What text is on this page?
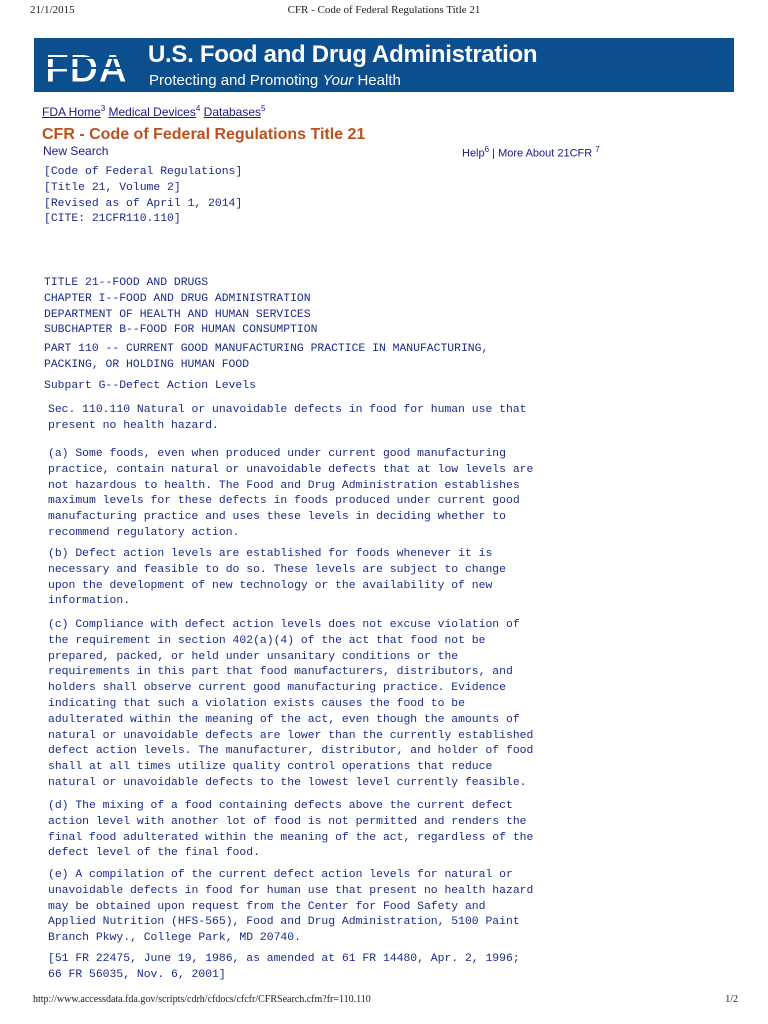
21/1/2015	CFR - Code of Federal Regulations Title 21
FDA U.S. Food and Drug Administration
Protecting and Promoting Your Health
FDA Home$^3$ Medical Devices$^4$ Databases$^5$
CFR - Code of Federal Regulations Title 21
New Search	Help$^6$ | More About 21CFR $^7$
[Code of Federal Regulations]
[Title 21, Volume 2]
[Revised as of April 1, 2014]
[CITE: 21CFR110.110]
TITLE 21--FOOD AND DRUGS
CHAPTER I--FOOD AND DRUG ADMINISTRATION
DEPARTMENT OF HEALTH AND HUMAN SERVICES
SUBCHAPTER B--FOOD FOR HUMAN CONSUMPTION
PART 110 -- CURRENT GOOD MANUFACTURING PRACTICE IN MANUFACTURING,
PACKING, OR HOLDING HUMAN FOOD
Subpart G--Defect Action Levels
Sec. 110.110 Natural or unavoidable defects in food for human use that
present no health hazard.
(a) Some foods, even when produced under current good manufacturing
practice, contain natural or unavoidable defects that at low levels are
not hazardous to health. The Food and Drug Administration establishes
maximum levels for these defects in foods produced under current good
manufacturing practice and uses these levels in deciding whether to
recommend regulatory action.
(b) Defect action levels are established for foods whenever it is
necessary and feasible to do so. These levels are subject to change
upon the development of new technology or the availability of new
information.
(c) Compliance with defect action levels does not excuse violation of
the requirement in section 402(a)(4) of the act that food not be
prepared, packed, or held under unsanitary conditions or the
requirements in this part that food manufacturers, distributors, and
holders shall observe current good manufacturing practice. Evidence
indicating that such a violation exists causes the food to be
adulterated within the meaning of the act, even though the amounts of
natural or unavoidable defects are lower than the currently established
defect action levels. The manufacturer, distributor, and holder of food
shall at all times utilize quality control operations that reduce
natural or unavoidable defects to the lowest level currently feasible.
(d) The mixing of a food containing defects above the current defect
action level with another lot of food is not permitted and renders the
final food adulterated within the meaning of the act, regardless of the
defect level of the final food.
(e) A compilation of the current defect action levels for natural or
unavoidable defects in food for human use that present no health hazard
may be obtained upon request from the Center for Food Safety and
Applied Nutrition (HFS-565), Food and Drug Administration, 5100 Paint
Branch Pkwy., College Park, MD 20740.
[51 FR 22475, June 19, 1986, as amended at 61 FR 14480, Apr. 2, 1996;
66 FR 56035, Nov. 6, 2001]
http://www.accessdata.fda.gov/scripts/cdrh/cfdocs/cfcfr/CFRSearch.cfm?fr=110.110	1/2
